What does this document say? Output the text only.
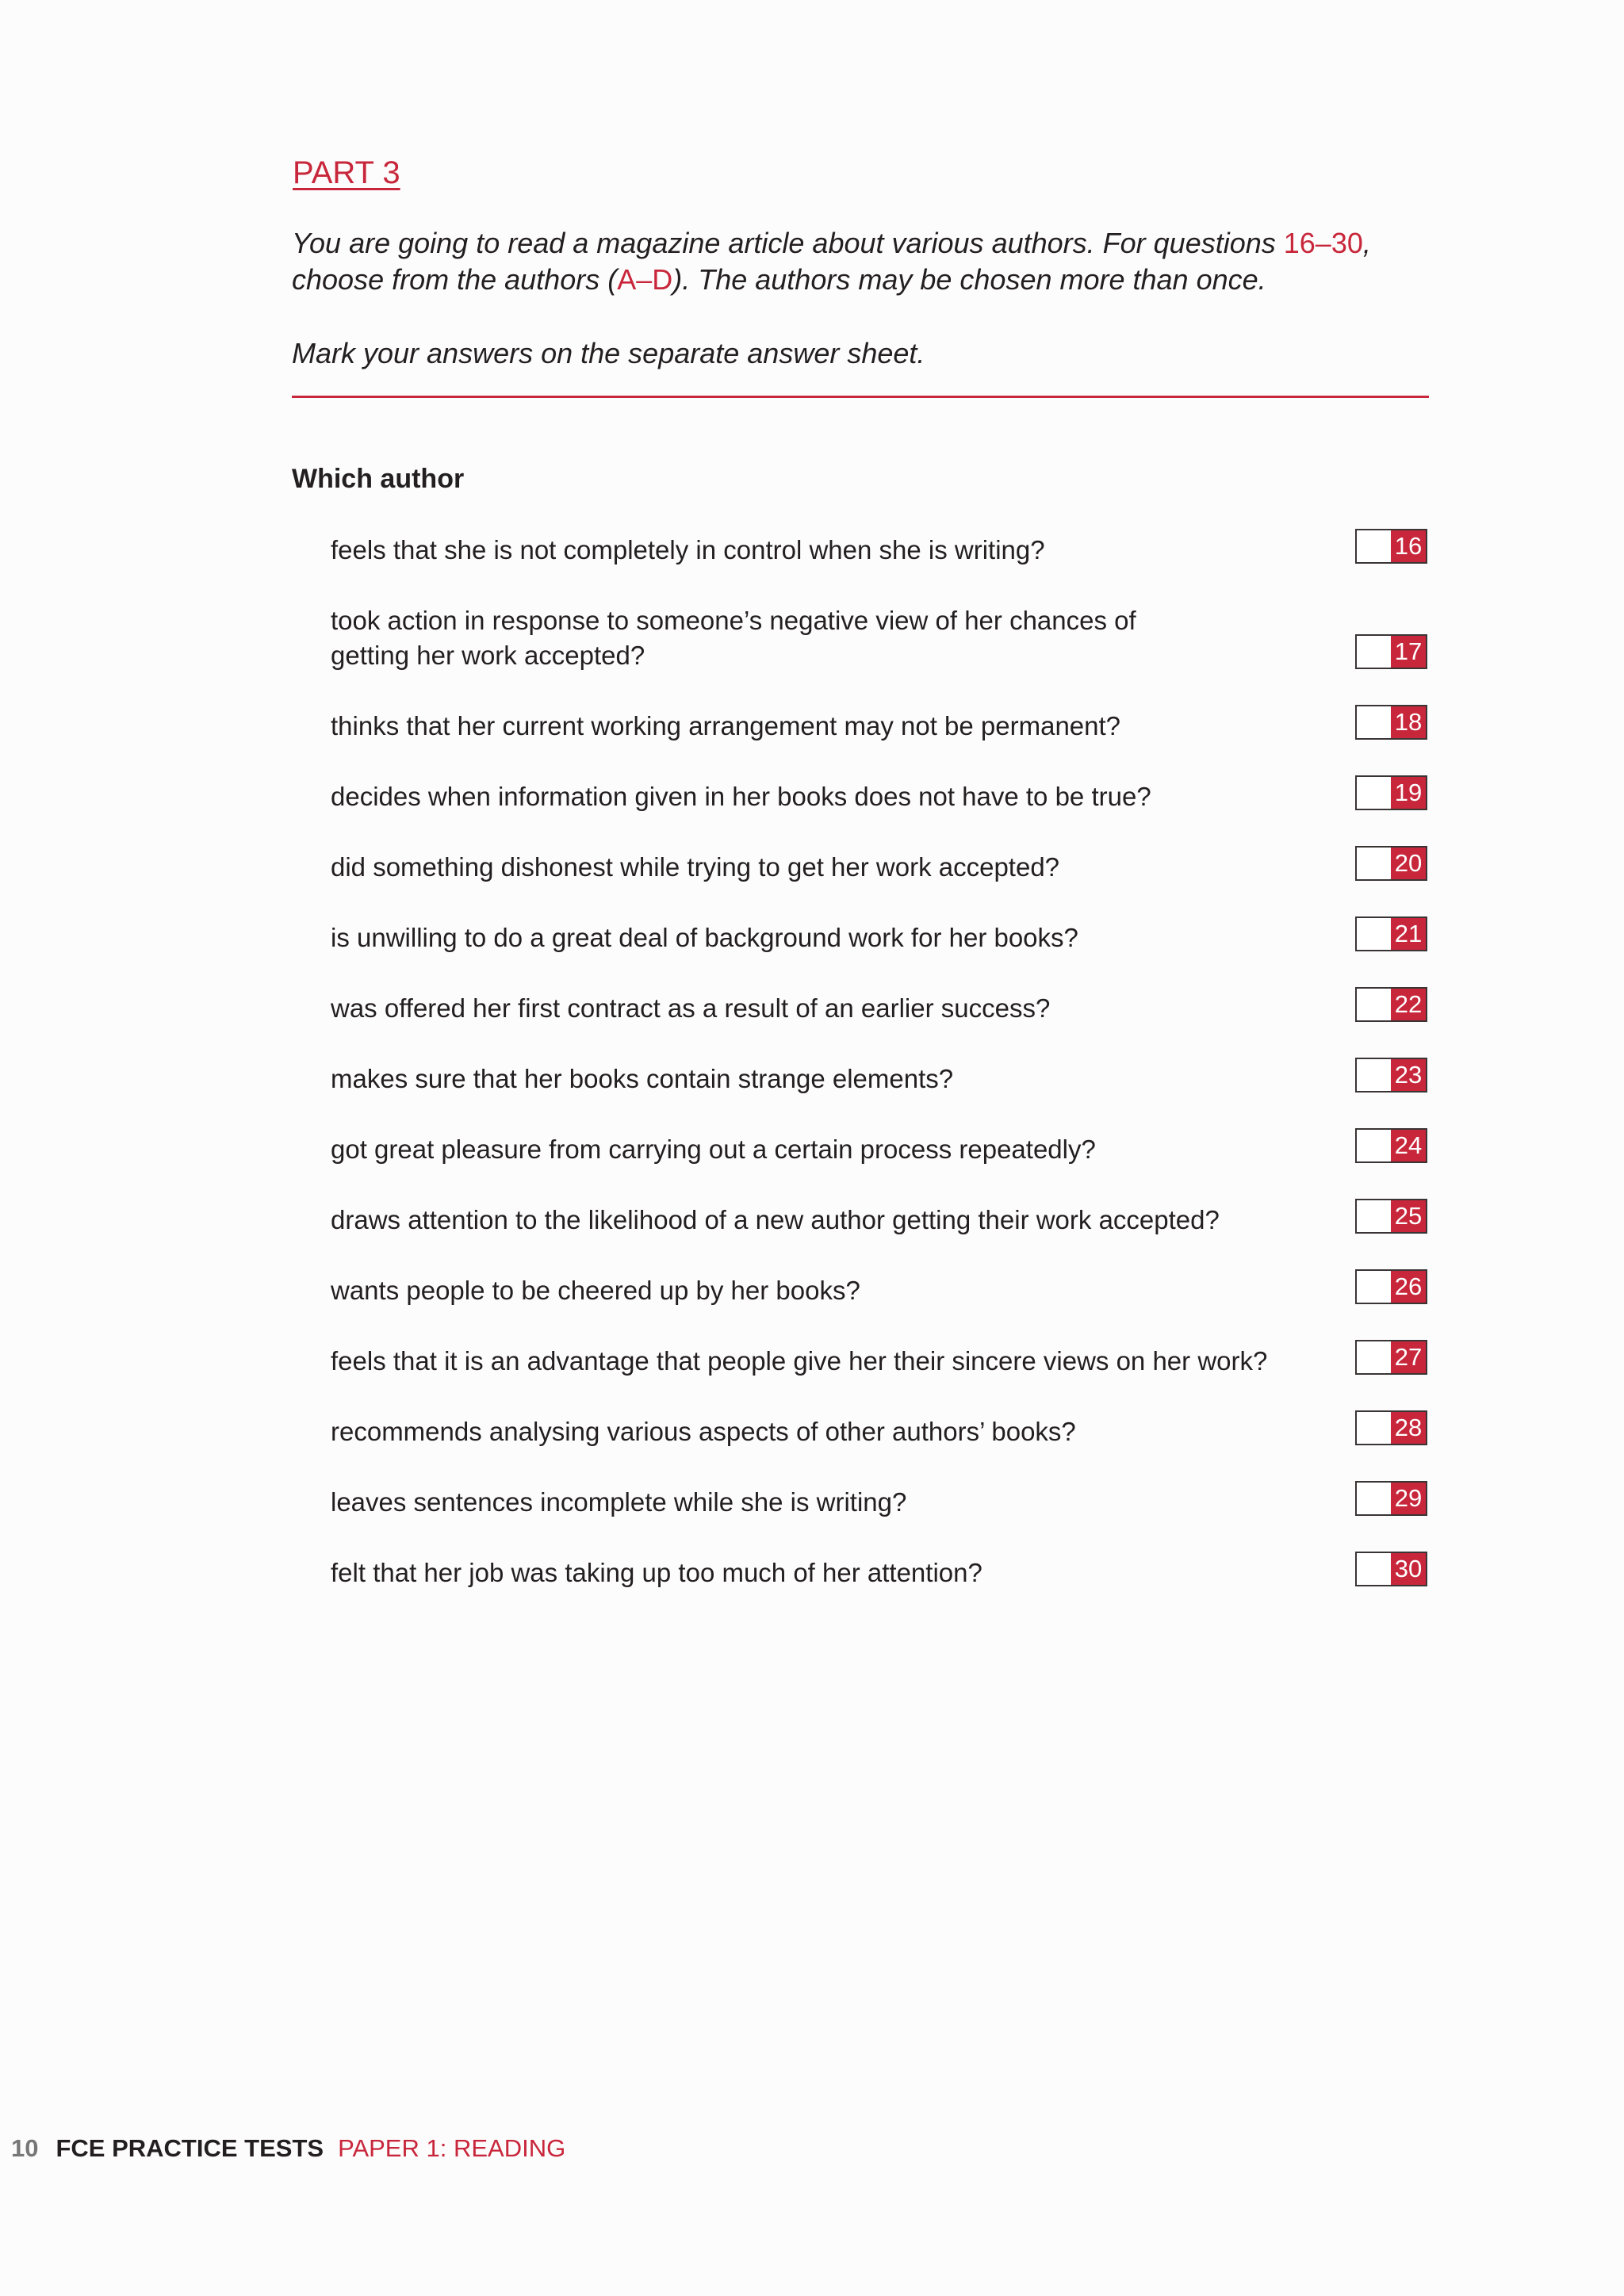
PART 3

You are going to read a magazine article about various authors. For questions 16–30, choose from the authors (A–D). The authors may be chosen more than once.

Mark your answers on the separate answer sheet.

Which author

feels that she is not completely in control when she is writing?	16

took action in response to someone’s negative view of her chances of
getting her work accepted?	17

thinks that her current working arrangement may not be permanent?	18

decides when information given in her books does not have to be true?	19

did something dishonest while trying to get her work accepted?	20

is unwilling to do a great deal of background work for her books?	21

was offered her first contract as a result of an earlier success?	22

makes sure that her books contain strange elements?	23

got great pleasure from carrying out a certain process repeatedly?	24

draws attention to the likelihood of a new author getting their work accepted?	25

wants people to be cheered up by her books?	26

feels that it is an advantage that people give her their sincere views on her work?	27

recommends analysing various aspects of other authors’ books?	28

leaves sentences incomplete while she is writing?	29

felt that her job was taking up too much of her attention?	30
10 FCE PRACTICE TESTS PAPER 1: READING
